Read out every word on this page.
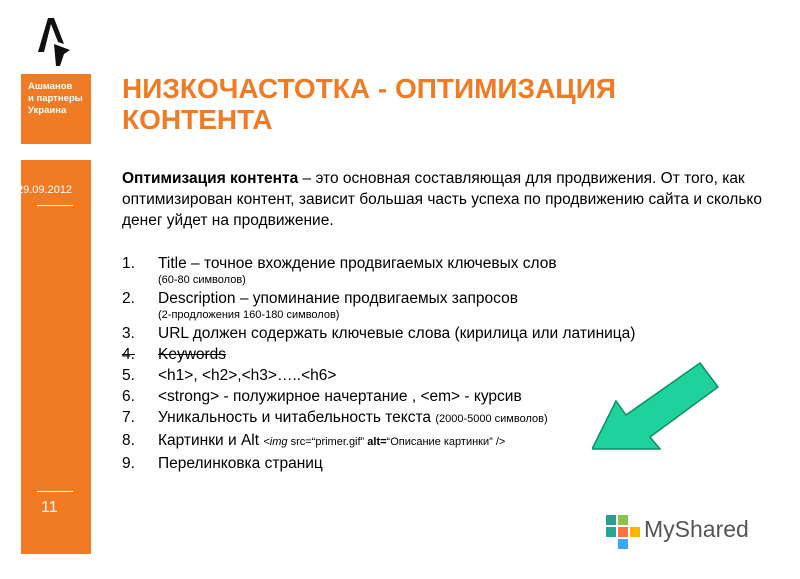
Ашманов
и партнеры
Украина
29.09.2012
11
НИЗКОЧАСТОТКА - ОПТИМИЗАЦИЯ КОНТЕНТА
Оптимизация контента – это основная составляющая для продвижения. От того, как оптимизирован контент, зависит большая часть успеха по продвижению сайта и сколько денег уйдет на продвижение.
1. Title – точное вхождение продвигаемых ключевых слов
(60-80 символов)
2. Description – упоминание продвигаемых запросов
(2-продложения 160-180 символов)
3. URL должен содержать ключевые слова (кирилица или латиница)
4. Keywords
5. <h1>, <h2>,<h3>…..<h6>
6. <strong> - полужирное начертание , <em> - курсив
7. Уникальность и читабельность текста (2000-5000 символов)
8. Картинки и Alt <img src=“primer.gif” alt=“Описание картинки” />
9. Перелинковка страниц
MyShared
